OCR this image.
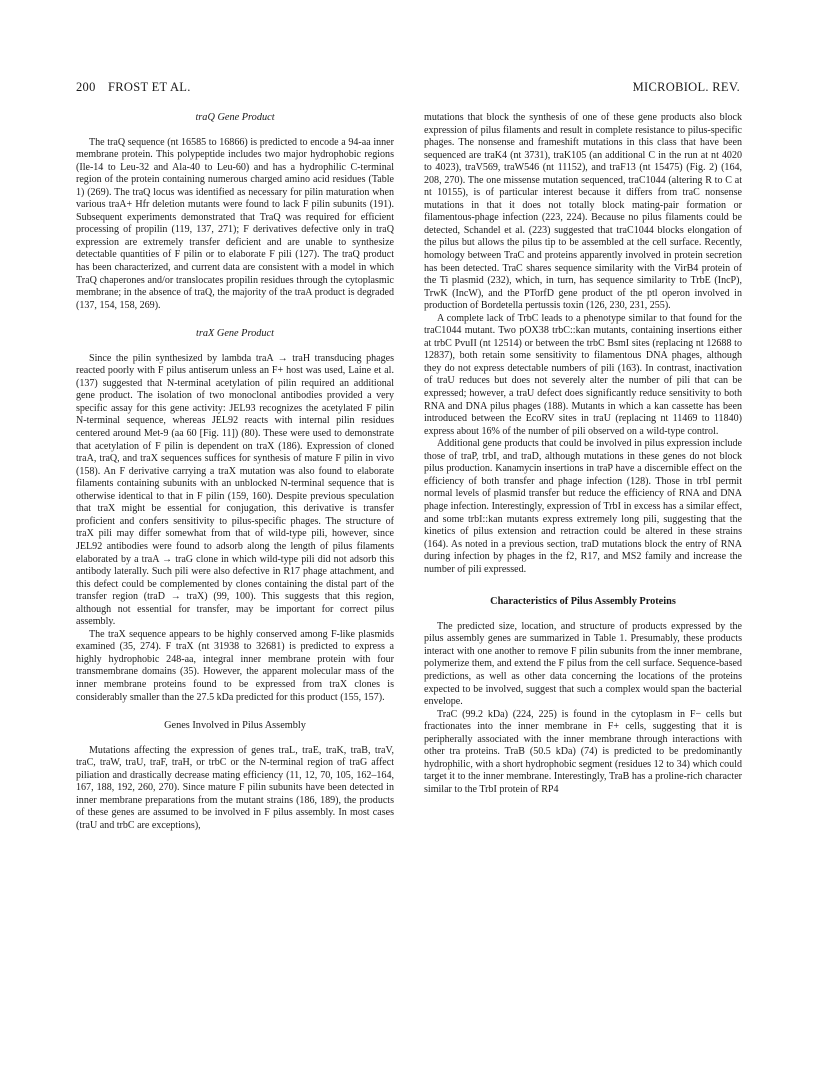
200 FROST ET AL.	MICROBIOL. REV.
traQ Gene Product

The traQ sequence (nt 16585 to 16866) is predicted to encode a 94-aa inner membrane protein. This polypeptide includes two major hydrophobic regions (Ile-14 to Leu-32 and Ala-40 to Leu-60) and has a hydrophilic C-terminal region of the protein containing numerous charged amino acid residues (Table 1) (269). The traQ locus was identified as necessary for pilin maturation when various traA+ Hfr deletion mutants were found to lack F pilin subunits (191). Subsequent experiments demonstrated that TraQ was required for efficient processing of propilin (119, 137, 271); F derivatives defective only in traQ expression are extremely transfer deficient and are unable to synthesize detectable quantities of F pilin or to elaborate F pili (127). The traQ product has been characterized, and current data are consistent with a model in which TraQ chaperones and/or translocates propilin residues through the cytoplasmic membrane; in the absence of traQ, the majority of the traA product is degraded (137, 154, 158, 269).

traX Gene Product

Since the pilin synthesized by lambda traA → traH transducing phages reacted poorly with F pilus antiserum unless an F+ host was used, Laine et al. (137) suggested that N-terminal acetylation of pilin required an additional gene product. The isolation of two monoclonal antibodies provided a very specific assay for this gene activity: JEL93 recognizes the acetylated F pilin N-terminal sequence, whereas JEL92 reacts with internal pilin residues centered around Met-9 (aa 60 [Fig. 11]) (80). These were used to demonstrate that acetylation of F pilin is dependent on traX (186). Expression of cloned traA, traQ, and traX sequences suffices for synthesis of mature F pilin in vivo (158). An F derivative carrying a traX mutation was also found to elaborate filaments containing subunits with an unblocked N-terminal sequence that is otherwise identical to that in F pilin (159, 160). Despite previous speculation that traX might be essential for conjugation, this derivative is transfer proficient and confers sensitivity to pilus-specific phages. The structure of traX pili may differ somewhat from that of wild-type pili, however, since JEL92 antibodies were found to adsorb along the length of pilus filaments elaborated by a traA → traG clone in which wild-type pili did not adsorb this antibody laterally. Such pili were also defective in R17 phage attachment, and this defect could be complemented by clones containing the distal part of the transfer region (traD → traX) (99, 100). This suggests that this region, although not essential for transfer, may be important for correct pilus assembly.

The traX sequence appears to be highly conserved among F-like plasmids examined (35, 274). F traX (nt 31938 to 32681) is predicted to express a highly hydrophobic 248-aa, integral inner membrane protein with four transmembrane domains (35). However, the apparent molecular mass of the inner membrane proteins found to be expressed from traX clones is considerably smaller than the 27.5 kDa predicted for this product (155, 157).

Genes Involved in Pilus Assembly

Mutations affecting the expression of genes traL, traE, traK, traB, traV, traC, traW, traU, traF, traH, or trbC or the N-terminal region of traG affect piliation and drastically decrease mating efficiency (11, 12, 70, 105, 162–164, 167, 188, 192, 260, 270). Since mature F pilin subunits have been detected in inner membrane preparations from the mutant strains (186, 189), the products of these genes are assumed to be involved in F pilus assembly. In most cases (traU and trbC are exceptions),

mutations that block the synthesis of one of these gene products also block expression of pilus filaments and result in complete resistance to pilus-specific phages. The nonsense and frameshift mutations in this class that have been sequenced are traK4 (nt 3731), traK105 (an additional C in the run at nt 4020 to 4023), traV569, traW546 (nt 11152), and traF13 (nt 15475) (Fig. 2) (164, 208, 270). The one missense mutation sequenced, traC1044 (altering R to C at nt 10155), is of particular interest because it differs from traC nonsense mutations in that it does not totally block mating-pair formation or filamentous-phage infection (223, 224). Because no pilus filaments could be detected, Schandel et al. (223) suggested that traC1044 blocks elongation of the pilus but allows the pilus tip to be assembled at the cell surface. Recently, homology between TraC and proteins apparently involved in protein secretion has been detected. TraC shares sequence similarity with the VirB4 protein of the Ti plasmid (232), which, in turn, has sequence similarity to TrbE (IncP), TrwK (IncW), and the PTorfD gene product of the ptl operon involved in production of Bordetella pertussis toxin (126, 230, 231, 255).

A complete lack of TrbC leads to a phenotype similar to that found for the traC1044 mutant. Two pOX38 trbC::kan mutants, containing insertions either at trbC PvuII (nt 12514) or between the trbC BsmI sites (replacing nt 12688 to 12837), both retain some sensitivity to filamentous DNA phages, although they do not express detectable numbers of pili (163). In contrast, inactivation of traU reduces but does not severely alter the number of pili that can be expressed; however, a traU defect does significantly reduce sensitivity to both RNA and DNA pilus phages (188). Mutants in which a kan cassette has been introduced between the EcoRV sites in traU (replacing nt 11469 to 11840) express about 16% of the number of pili observed on a wild-type control.

Additional gene products that could be involved in pilus expression include those of traP, trbI, and traD, although mutations in these genes do not block pilus production. Kanamycin insertions in traP have a discernible effect on the efficiency of both transfer and phage infection (128). Those in trbI permit normal levels of plasmid transfer but reduce the efficiency of RNA and DNA phage infection. Interestingly, expression of TrbI in excess has a similar effect, and some trbI::kan mutants express extremely long pili, suggesting that the kinetics of pilus extension and retraction could be altered in these strains (164). As noted in a previous section, traD mutations block the entry of RNA during infection by phages in the f2, R17, and MS2 family and increase the number of pili expressed.

Characteristics of Pilus Assembly Proteins

The predicted size, location, and structure of products expressed by the pilus assembly genes are summarized in Table 1. Presumably, these products interact with one another to remove F pilin subunits from the inner membrane, polymerize them, and extend the F pilus from the cell surface. Sequence-based predictions, as well as other data concerning the locations of the proteins expected to be involved, suggest that such a complex would span the bacterial envelope.

TraC (99.2 kDa) (224, 225) is found in the cytoplasm in F− cells but fractionates into the inner membrane in F+ cells, suggesting that it is peripherally associated with the inner membrane through interactions with other tra proteins. TraB (50.5 kDa) (74) is predicted to be predominantly hydrophilic, with a short hydrophobic segment (residues 12 to 34) which could target it to the inner membrane. Interestingly, TraB has a proline-rich character similar to the TrbI protein of RP4
